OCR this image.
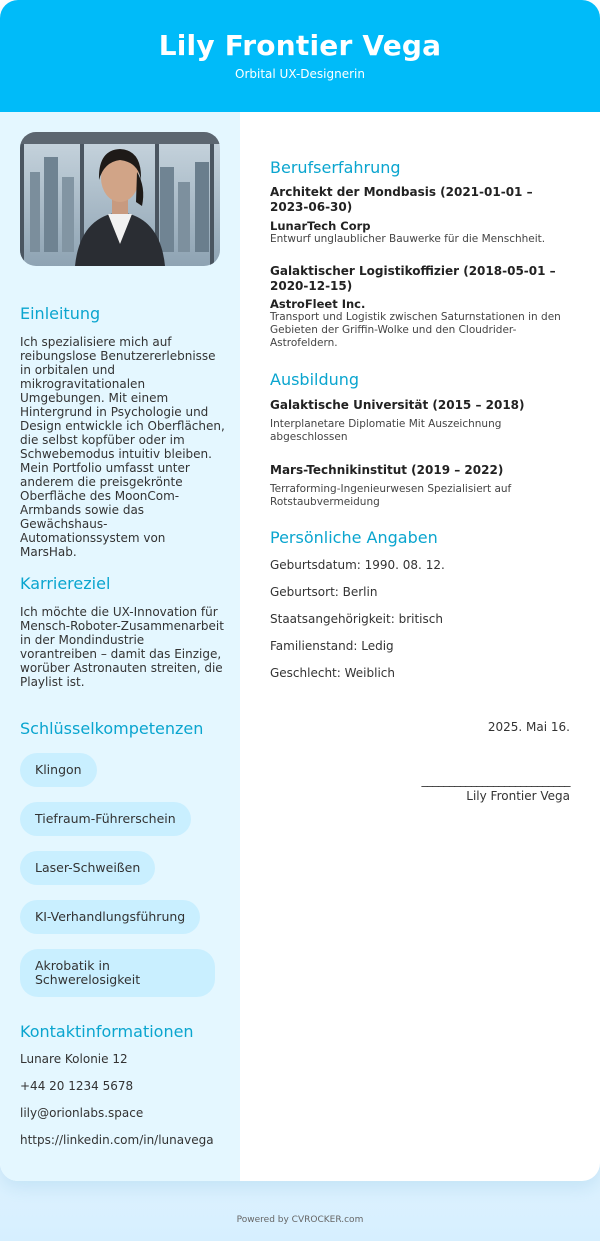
Lily Frontier Vega
Orbital UX-Designerin
Einleitung
Ich spezialisiere mich auf reibungslose Benutzererlebnisse in orbitalen und mikrogravitationalen Umgebungen. Mit einem Hintergrund in Psychologie und Design entwickle ich Oberflächen, die selbst kopfüber oder im Schwebemodus intuitiv bleiben. Mein Portfolio umfasst unter anderem die preisgekrönte Oberfläche des MoonCom-Armbands sowie das Gewächshaus-Automationssystem von MarsHab.
Karriereziel
Ich möchte die UX-Innovation für Mensch-Roboter-Zusammenarbeit in der Mondindustrie vorantreiben – damit das Einzige, worüber Astronauten streiten, die Playlist ist.
Schlüsselkompetenzen
Klingon
Tiefraum-Führerschein
Laser-Schweißen
KI-Verhandlungsführung
Akrobatik in Schwerelosigkeit
Kontaktinformationen
Lunare Kolonie 12
+44 20 1234 5678
lily@orionlabs.space
https://linkedin.com/in/lunavega
Berufserfahrung
Architekt der Mondbasis (2021-01-01 – 2023-06-30)
LunarTech Corp
Entwurf unglaublicher Bauwerke für die Menschheit.
Galaktischer Logistikoffizier (2018-05-01 – 2020-12-15)
AstroFleet Inc.
Transport und Logistik zwischen Saturnstationen in den Gebieten der Griffin-Wolke und den Cloudrider-Astrofeldern.
Ausbildung
Galaktische Universität (2015 – 2018)
Interplanetare Diplomatie Mit Auszeichnung abgeschlossen
Mars-Technikinstitut (2019 – 2022)
Terraforming-Ingenieurwesen Spezialisiert auf Rotstaubvermeidung
Persönliche Angaben
Geburtsdatum: 1990. 08. 12.
Geburtsort: Berlin
Staatsangehörigkeit: britisch
Familienstand: Ledig
Geschlecht: Weiblich
2025. Mai 16.
___________________________
Lily Frontier Vega
Powered by CVROCKER.com
